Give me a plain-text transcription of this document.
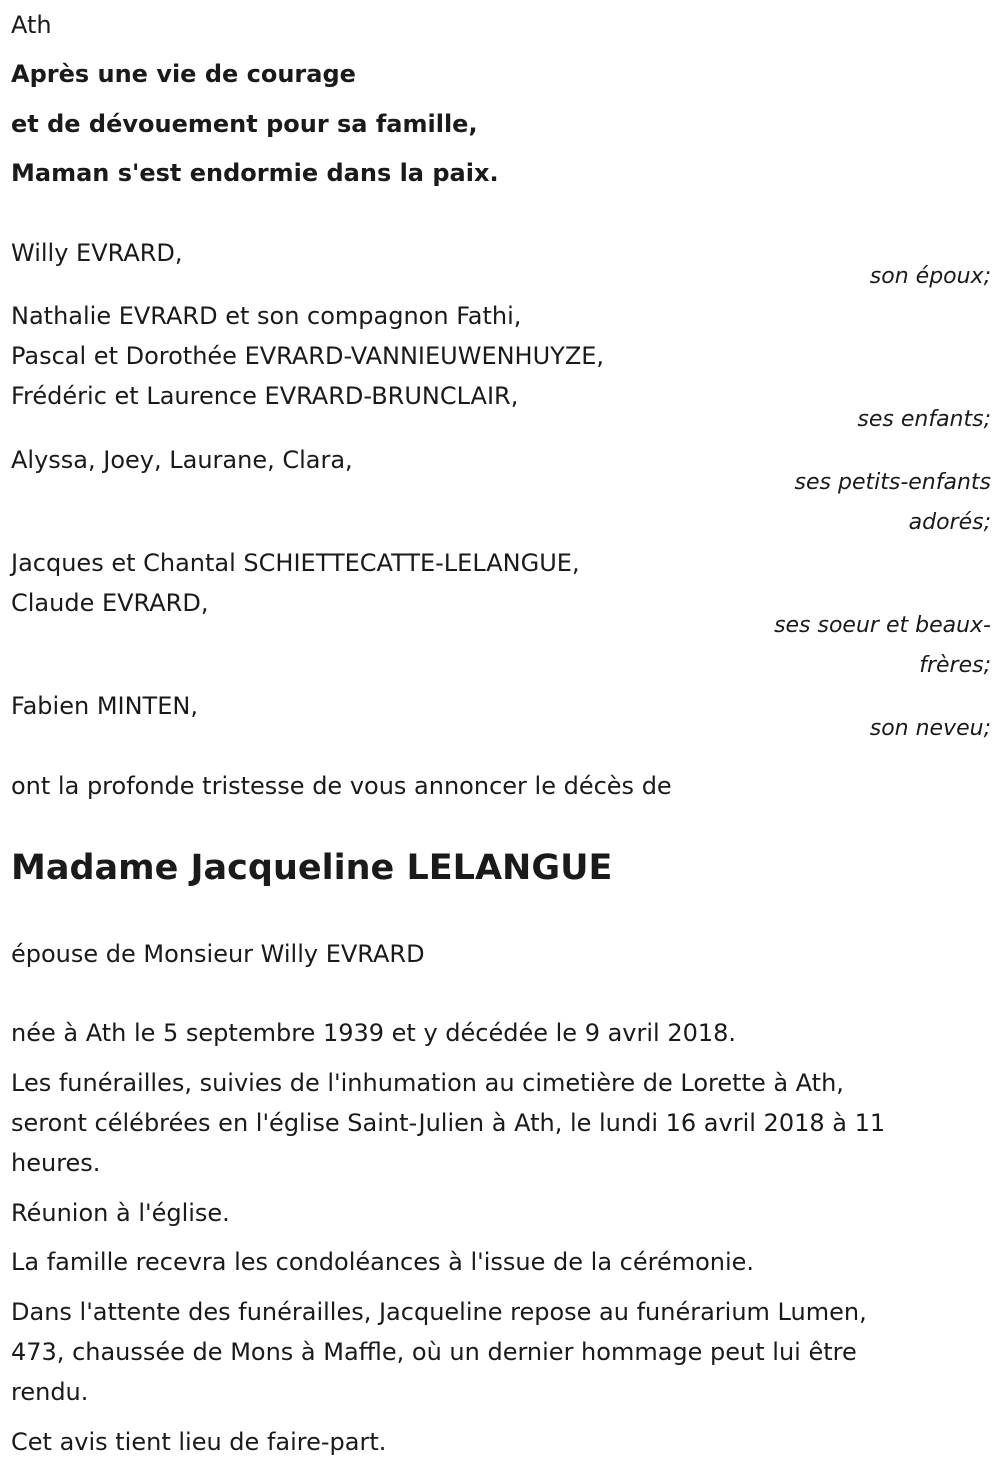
Ath
Après une vie de courage
et de dévouement pour sa famille,
Maman s'est endormie dans la paix.
Willy EVRARD,
son époux;
Nathalie EVRARD et son compagnon Fathi,
Pascal et Dorothée EVRARD-VANNIEUWENHUYZE,
Frédéric et Laurence EVRARD-BRUNCLAIR,
ses enfants;
Alyssa, Joey, Laurane, Clara,
ses petits-enfants
adorés;
Jacques et Chantal SCHIETTECATTE-LELANGUE,
Claude EVRARD,
ses soeur et beaux-
frères;
Fabien MINTEN,
son neveu;
ont la profonde tristesse de vous annoncer le décès de
Madame Jacqueline LELANGUE
épouse de Monsieur Willy EVRARD
née à Ath le 5 septembre 1939 et y décédée le 9 avril 2018.
Les funérailles, suivies de l'inhumation au cimetière de Lorette à Ath,
seront célébrées en l'église Saint-Julien à Ath, le lundi 16 avril 2018 à 11
heures.
Réunion à l'église.
La famille recevra les condoléances à l'issue de la cérémonie.
Dans l'attente des funérailles, Jacqueline repose au funérarium Lumen,
473, chaussée de Mons à Maffle, où un dernier hommage peut lui être
rendu.
Cet avis tient lieu de faire-part.
